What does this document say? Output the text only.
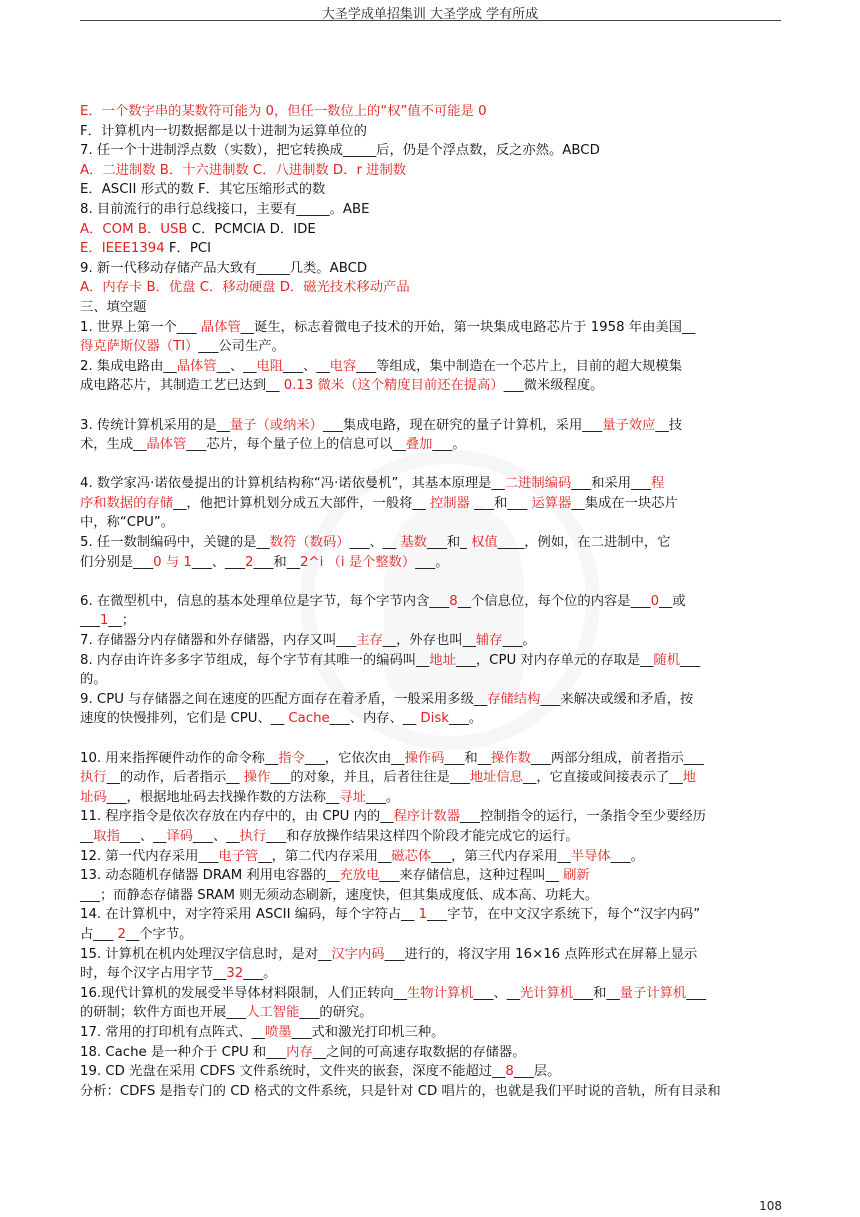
大圣学成单招集训 大圣学成 学有所成
E．一个数字串的某数符可能为 0，但任一数位上的“权”值不可能是 0
F．计算机内一切数据都是以十进制为运算单位的
7. 任一个十进制浮点数（实数），把它转换成_____后，仍是个浮点数，反之亦然。ABCD
A．二进制数 B．十六进制数 C．八进制数 D．r 进制数
E．ASCII 形式的数 F．其它压缩形式的数
8. 目前流行的串行总线接口，主要有_____。ABE
A．COM B．USB C．PCMCIA D．IDE
E．IEEE1394 F．PCI
9. 新一代移动存储产品大致有_____几类。ABCD
A．内存卡 B．优盘 C．移动硬盘 D．磁光技术移动产品
三、填空题
1. 世界上第一个___ 晶体管__诞生，标志着微电子技术的开始，第一块集成电路芯片于 1958 年由美国__
得克萨斯仪器（TI）___公司生产。
2. 集成电路由__晶体管__、__电阻___、__电容___等组成，集中制造在一个芯片上，目前的超大规模集
成电路芯片，其制造工艺已达到__ 0.13 微米（这个精度目前还在提高）___微米级程度。
3. 传统计算机采用的是__量子（或纳米）___集成电路，现在研究的量子计算机，采用___量子效应__技
术，生成__晶体管___芯片，每个量子位上的信息可以__叠加___。
4. 数学家冯·诺依曼提出的计算机结构称“冯·诺依曼机”，其基本原理是__二进制编码___和采用___程
序和数据的存储__，他把计算机划分成五大部件，一般将__ 控制器 ___和___ 运算器__集成在一块芯片
中，称“CPU”。
5. 任一数制编码中，关键的是__数符（数码）___、__ 基数___和_ 权值____，例如，在二进制中，它
们分别是___0 与 1___、___2___和__2^i （i 是个整数）___。
6. 在微型机中，信息的基本处理单位是字节，每个字节内含___8__个信息位，每个位的内容是___0__或
___1__；
7. 存储器分内存储器和外存储器，内存又叫___主存__，外存也叫__辅存___。
8. 内存由许许多多字节组成，每个字节有其唯一的编码叫__地址___，CPU 对内存单元的存取是__随机___
的。
9. CPU 与存储器之间在速度的匹配方面存在着矛盾，一般采用多级__存储结构___来解决或缓和矛盾，按
速度的快慢排列，它们是 CPU、__ Cache___、内存、__ Disk___。
10. 用来指挥硬件动作的命令称__指令___，它依次由__操作码___和__操作数___两部分组成，前者指示___
执行__的动作，后者指示__ 操作___的对象，并且，后者往往是___地址信息__，它直接或间接表示了__地
址码___，根据地址码去找操作数的方法称__寻址___。
11. 程序指令是依次存放在内存中的，由 CPU 内的__程序计数器___控制指令的运行，一条指令至少要经历
__取指___、__译码___、__执行___和存放操作结果这样四个阶段才能完成它的运行。
12. 第一代内存采用___电子管__，第二代内存采用__磁芯体___，第三代内存采用__半导体___。
13. 动态随机存储器 DRAM 利用电容器的__充放电___来存储信息，这种过程叫__ 刷新
___；而静态存储器 SRAM 则无须动态刷新，速度快，但其集成度低、成本高、功耗大。
14. 在计算机中，对字符采用 ASCII 编码，每个字符占__ 1___字节，在中文汉字系统下，每个“汉字内码”
占___ 2__个字节。
15. 计算机在机内处理汉字信息时，是对__汉字内码___进行的，将汉字用 16×16 点阵形式在屏幕上显示
时，每个汉字占用字节__32___。
16.现代计算机的发展受半导体材料限制，人们正转向__生物计算机___、__光计算机___和__量子计算机___
的研制；软件方面也开展___人工智能___的研究。
17. 常用的打印机有点阵式、__喷墨___式和激光打印机三种。
18. Cache 是一种介于 CPU 和___内存__之间的可高速存取数据的存储器。
19. CD 光盘在采用 CDFS 文件系统时，文件夹的嵌套，深度不能超过__8___层。
分析：CDFS 是指专门的 CD 格式的文件系统，只是针对 CD 唱片的，也就是我们平时说的音轨，所有目录和
108
